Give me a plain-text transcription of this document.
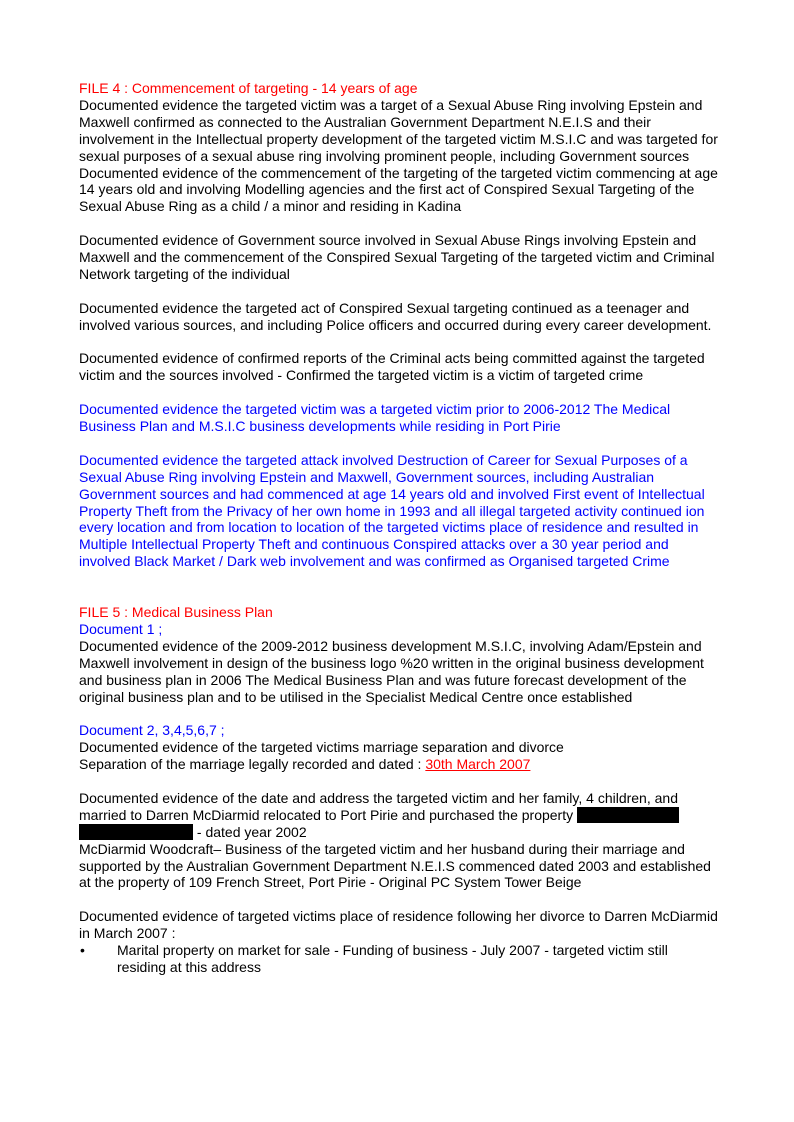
FILE 4 : Commencement of targeting - 14 years of age
Documented evidence the targeted victim was a target of a Sexual Abuse Ring involving Epstein and Maxwell confirmed as connected to the Australian Government Department N.E.I.S and their involvement in the Intellectual property development of the targeted victim M.S.I.C and was targeted for sexual purposes of a sexual abuse ring involving prominent people, including Government sources
Documented evidence of the commencement of the targeting of the targeted victim commencing at age 14 years old and involving Modelling agencies and the first act of Conspired Sexual Targeting of the Sexual Abuse Ring as a child / a minor and residing in Kadina
Documented evidence of Government source involved in Sexual Abuse Rings involving Epstein and Maxwell and the commencement of the Conspired Sexual Targeting of the targeted victim and Criminal Network targeting of the individual
Documented evidence the targeted act of Conspired Sexual targeting continued as a teenager and involved various sources, and including Police officers and occurred during every career development.
Documented evidence of confirmed reports of the Criminal acts being committed against the targeted victim and the sources involved - Confirmed the targeted victim is a victim of targeted crime
Documented evidence the targeted victim was a targeted victim prior to 2006-2012 The Medical Business Plan and M.S.I.C business developments while residing in Port Pirie
Documented evidence the targeted attack involved Destruction of Career for Sexual Purposes of a Sexual Abuse Ring involving Epstein and Maxwell, Government sources, including Australian Government sources and had commenced at age 14 years old and involved First event of Intellectual Property Theft from the Privacy of her own home in 1993 and all illegal targeted activity continued ion every location and from location to location of the targeted victims place of residence and resulted in Multiple Intellectual Property Theft and continuous Conspired attacks over a 30 year period and involved Black Market / Dark web involvement and was confirmed as Organised targeted Crime
FILE 5 : Medical Business Plan
Document 1 ;
Documented evidence of the 2009-2012 business development M.S.I.C, involving Adam/Epstein and Maxwell involvement in design of the business logo %20 written in the original business development and business plan in 2006 The Medical Business Plan and was future forecast development of the original business plan and to be utilised in the Specialist Medical Centre once established
Document 2, 3,4,5,6,7 ;
Documented evidence of the targeted victims marriage separation and divorce
Separation of the marriage legally recorded and dated : 30th March 2007
Documented evidence of the date and address the targeted victim and her family, 4 children, and
married to Darren McDiarmid relocated to Port Pirie and purchased the property
- dated year 2002
McDiarmid Woodcraft– Business of the targeted victim and her husband during their marriage and supported by the Australian Government Department N.E.I.S commenced dated 2003 and established at the property of 109 French Street, Port Pirie - Original PC System Tower Beige
Documented evidence of targeted victims place of residence following her divorce to Darren McDiarmid in March 2007 :
• Marital property on market for sale - Funding of business - July 2007 - targeted victim still residing at this address
